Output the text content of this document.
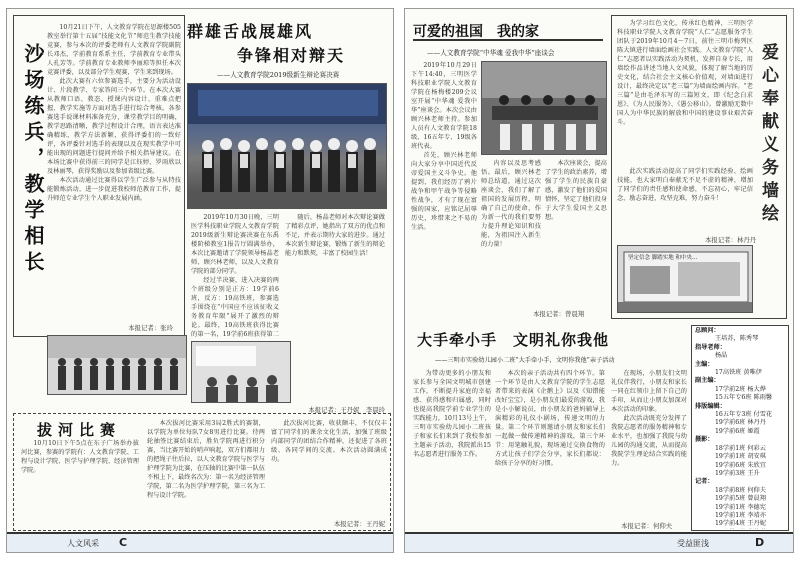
沙场练兵，教学相长
10月21日下午，人文教育学院在思源楼505教室举行第十五届“技能文化节”师范生教学技能竞赛，参与本次的评委老师有人文教育学院副院长邓杰，学前教育系系主任，学前教育专业带头人孔芳等。学前教育专业教师李丽琼等担任本次竞赛评委，以及部分学生观赛，学生来到现场。
此次大赛有六位参赛选手，主要分为活动设计、片段教学、专家答问三个环节。在本次大赛从教师口语、教态、授课内容设计、重难点把握、教学实施等方面对选手进行综合考核。各参赛选手说课材料准备充分，课堂教学目的明确，教学思路清晰，教学过程设计合理，语言表达准确精练，教学方法新颖，获得评委们的一致好评，各评委针对选手的表现以及在现实教学中可能出现的问题进行提问并给予相关指导建议。在本场比赛中获得前三的同学是江钰婷、罗雨欣以及林丽琴，获得奖励以及参加省级比赛。
本次活动通过比赛得以学生广泛参与从特技能锻炼活动，进一步促进我校师范教育工作，提升师范专业学生个人职业发展内涵。
本报记者：张玲
群雄舌战展雄风
争锋相对辩天
——人文教育学院2019级新生辩论赛决赛
2019年10月30日晚，三明医学科技职业学院人文教育学院2019级新生辩论赛决赛在东禹楼阶梯教室1报告厅圆满举办，本次比赛邀请了学院领导杨晶老师、顾兴林老师，以及人文教育学院的部分同学。
经过半决赛，进入决赛的两个班级分别是正方：19学前6班，反方：19高铁班，参赛选手围绕在“中国应不应该征收义务教育年限”展开了激烈的辩论。最终，19高铁班获得比赛的第一名，19学前6班获得第二
随后，杨晶老师对本次辩论赛做了精彩点评，她指出了双方的优点和不足，并表示期待大家的进步。通过本次新生辩论赛，锻炼了新生的辩论能力和默契，丰富了校园生活！
本报记者：王丹妮　李晨玲
拔河比赛
10月10日下午5点在东子广场举办拔河比赛，参赛的学院有：人文教育学院、工程与设计学院、医学与护理学院、经济管理学院。
本次拔河比赛采用3局2胜式的赛制，以学院为单位每队7女8男进行比赛。待两轮抽签比赛结束后，胜负学院再进行积分赛，当比赛开始的哨声响起，双方们都用力的把绳子往后拉，以人文教育学院与医学与护理学院为比赛，在压轴的比赛中第一队伍不相上下，最终名次为：第一名为经济管理学院，第二名为医学护理学院，第三名为工程与设计学院。
此次拔河比赛，收获颇丰，不仅仅丰富了同学们的课余文化生活，加强了班级内部同学的团结合作精神，还促进了各班级、各同学间的交流。本次活动圆满成功。
本报记者：王丹妮
人文风采 C
可爱的祖国　我的家
——人文教育学院“中华魂 爱我中华”座谈会
2019年10月29日下午14:40，三明医学科技职业学院人文教育学院在杨梅楼209会议室开展“中华魂 爱我中华”座谈会。本次会议由顾兴林老师主持。参加人员有人文教育学院18级、16五年专、19级各班代表。
首先，顾兴林老师向大家分享中国近代反帝爱国主义斗争史。他提到，我们经历了鸦片战争和甲午战争等侵略性战争，才有了现在富强的国家，应铭记屈辱历史，珍惜来之不易的生活。
内容以及思考感悟。最后，顾兴林老师总结道，通过这次座谈会，我们了解了祖国的发展历程，明确了自己的使命，作为新一代的我们要努力提升理论知识和技能，为祖国注入新生的力量！
本次座谈会，提高了学生的政治素养，增强了学生的民族自豪感，激发了他们的爱国情怀，坚定了他们投身于大学生爱国主义思想。
本报记者：曾晨翔
为学习红色文化，传承红色精神，三明医学科技职业学院人文教育学院“人仁”志愿服务学生团队于2019年10月4～7日，前往三明市梅列区陈大镇进行墙面绘画社会实践。人文教育学院“人仁”志愿者以实践活动为契机，发挥自身专长，用墙绘作品讲述当地人文风貌，体现了解当地的历史文化，结合社会主义核心价值观，对墙面进行设计，最终决定以“老三篇”为墙面绘画内容。“老三篇”是由毛泽东写的三篇短文，即《纪念白求恩》、《为人民服务》、《愚公移山》。曾激励无数中国人为中华民族的解放和中国的建设事业艰苦奋斗。	爱心奉献义务墙绘
此次实践活动提高了同学们实践经验、绘画技能，也大家明白奉献无不足不虚的精神，增加了同学们的责任感和使命感，不忘初心，牢记信念，励志奋进，攻坚克难，努力奋斗！
本报记者：林丹丹
坚定信念 脚踏实地 和中央...
大手牵小手　文明礼你我他
——三明市实验幼儿园小二班“大手牵小手，文明你我他”亲子活动
为带动更多的小朋友和家长参与全国文明城市创建工作，不断提升家庭的幸福感、获得感和归属感，同时也提高我院学前专业学生的实践能力，10月13号上午，三明市实验幼儿园小二班孩子和家长们来到了我校参加主题亲子活动，我院派出15名志愿者进行服务工作。
本次的亲子活动共有四个环节。第一个环节是由人文教育学院的学生志愿者带来的表演《企鹅上》以及《知错能改好宝宝》，是小朋友们最爱的游戏，我是小小解说员，由小朋友的爸妈辅导上演精彩的礼仪小剧场，传递文明的力量。第二个环节则邀请小朋友和家长们一起做一做传递精神的游戏，第三个环节：用笔触礼貌，现场通过交换食物的方式让孩子们学会分享，家长们都说：给孩子分享的好习惯。
在现场，小朋友们文明礼仪伴我行，小朋友和家长一同在红领巾上留下自己的手印，从而让小朋友加深对本次活动的印象。
此次活动既充分发挥了我院志愿者的服务精神和专业水平，也加强了我院与幼儿园的沟通交流，从而提高我院学生理论结合实践的能力。
本报记者：何仰夫
总顾问：
王培苏，陈秀琴
指导老师：
杨晶
主编：
17高铁班 黄唯伊
副主编：
17学前2班 杨大烨
15五年专6班 陈雨馨
排版编辑：
16五年专3班 付雪花
19学前6班 林丹丹
19学前6班 姬霞
摄影：
18学前1班 何彩云
19学前1班 胡安琪
19学前6班 朱欣宜
19学前3班 王升
记者：
18学前8班 何仰夫
19学前5班 曾晨翔
19学前1班 李德宪
19学前1班 李靖亦
19学前4班 王丹妮

受益匪浅	D
